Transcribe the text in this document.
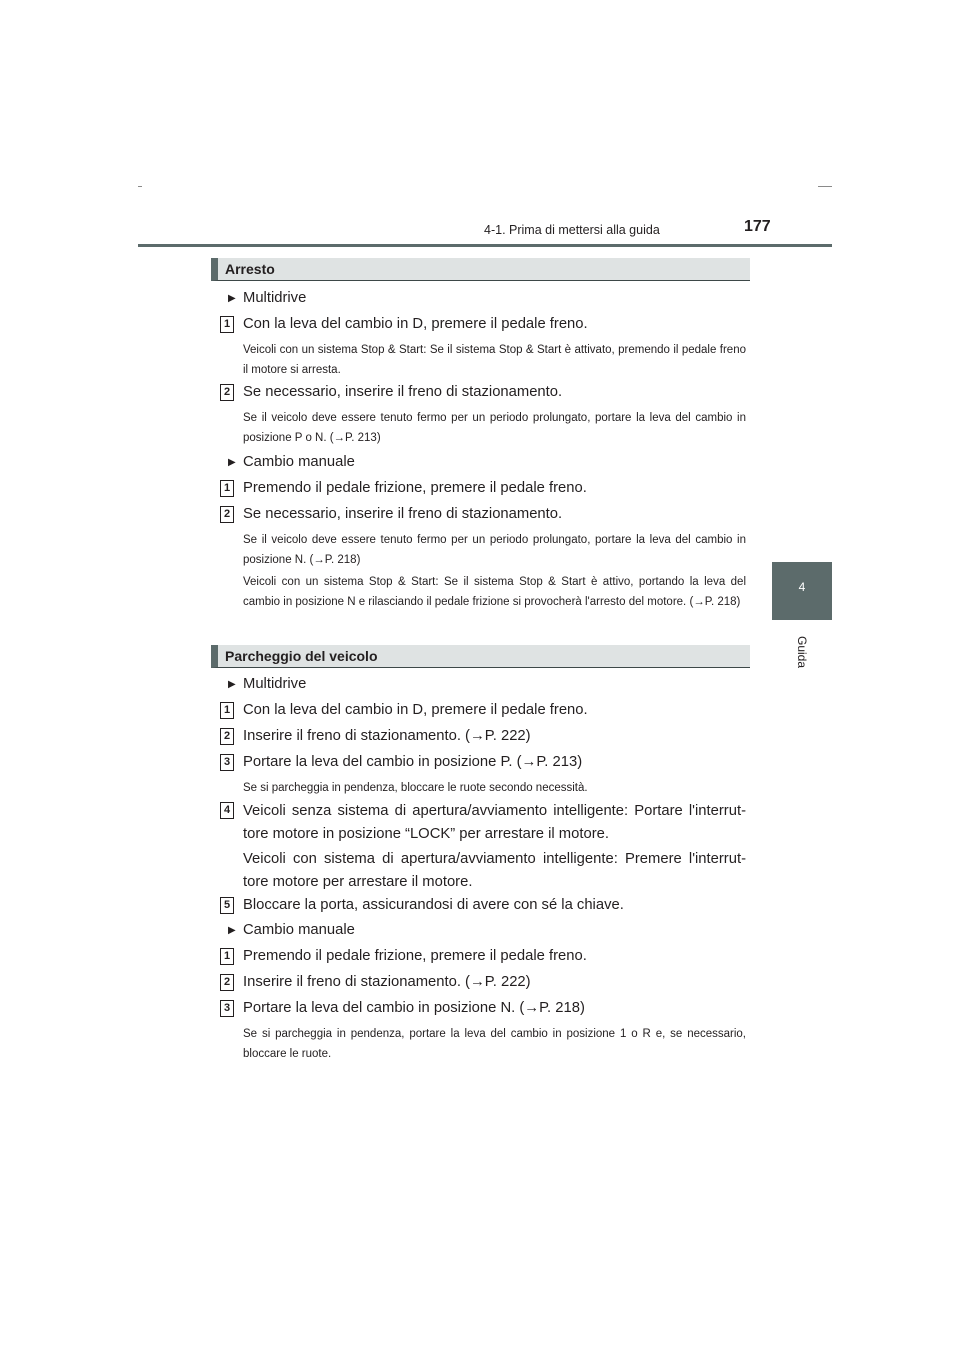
4-1. Prima di mettersi alla guida	177
4
Guida
Arresto
▶ Multidrive
1 Con la leva del cambio in D, premere il pedale freno.
Veicoli con un sistema Stop & Start: Se il sistema Stop & Start è attivato, premendo il pedale freno il motore si arresta.
2 Se necessario, inserire il freno di stazionamento.
Se il veicolo deve essere tenuto fermo per un periodo prolungato, portare la leva del cambio in posizione P o N. (→P. 213)
▶ Cambio manuale
1 Premendo il pedale frizione, premere il pedale freno.
2 Se necessario, inserire il freno di stazionamento.
Se il veicolo deve essere tenuto fermo per un periodo prolungato, portare la leva del cambio in posizione N. (→P. 218)
Veicoli con un sistema Stop & Start: Se il sistema Stop & Start è attivo, portando la leva del cambio in posizione N e rilasciando il pedale frizione si provocherà l'arresto del motore. (→P. 218)
Parcheggio del veicolo
▶ Multidrive
1 Con la leva del cambio in D, premere il pedale freno.
2 Inserire il freno di stazionamento. (→P. 222)
3 Portare la leva del cambio in posizione P. (→P. 213)
Se si parcheggia in pendenza, bloccare le ruote secondo necessità.
4 Veicoli senza sistema di apertura/avviamento intelligente: Portare l'interrut-tore motore in posizione “LOCK” per arrestare il motore.
Veicoli con sistema di apertura/avviamento intelligente: Premere l'interrut-tore motore per arrestare il motore.
5 Bloccare la porta, assicurandosi di avere con sé la chiave.
▶ Cambio manuale
1 Premendo il pedale frizione, premere il pedale freno.
2 Inserire il freno di stazionamento. (→P. 222)
3 Portare la leva del cambio in posizione N. (→P. 218)
Se si parcheggia in pendenza, portare la leva del cambio in posizione 1 o R e, se necessario, bloccare le ruote.
